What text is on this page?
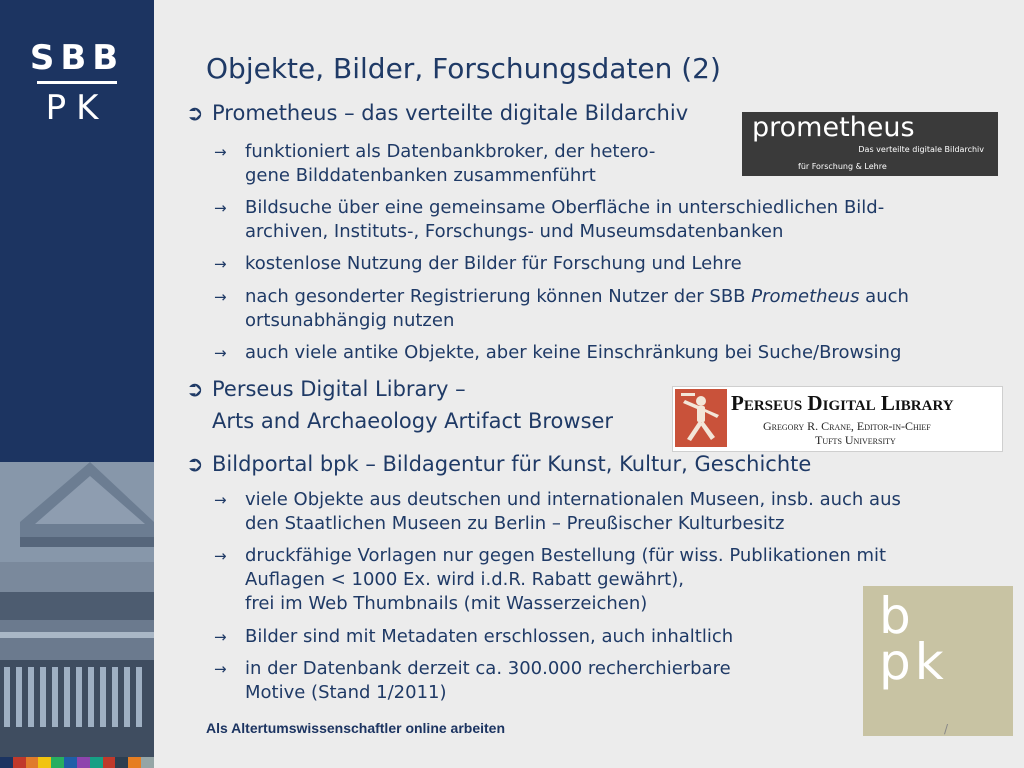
SBB
PK
Objekte, Bilder, Forschungsdaten (2)
➲ Prometheus – das verteilte digitale Bildarchiv
→	funktioniert als Datenbankbroker, der hetero-
gene Bilddatenbanken zusammenführt
→	Bildsuche über eine gemeinsame Oberfläche in unterschiedlichen Bild-
archiven, Instituts-, Forschungs- und Museumsdatenbanken
→	kostenlose Nutzung der Bilder für Forschung und Lehre
→	nach gesonderter Registrierung können Nutzer der SBB Prometheus auch
ortsunabhängig nutzen
→	auch viele antike Objekte, aber keine Einschränkung bei Suche/Browsing
➲ Perseus Digital Library –
Arts and Archaeology Artifact Browser
➲ Bildportal bpk – Bildagentur für Kunst, Kultur, Geschichte
→	viele Objekte aus deutschen und internationalen Museen, insb. auch aus
den Staatlichen Museen zu Berlin – Preußischer Kulturbesitz
→	druckfähige Vorlagen nur gegen Bestellung (für wiss. Publikationen mit
Auflagen < 1000 Ex. wird i.d.R. Rabatt gewährt),
frei im Web Thumbnails (mit Wasserzeichen)
→	Bilder sind mit Metadaten erschlossen, auch inhaltlich
→	in der Datenbank derzeit ca. 300.000 recherchierbare
Motive (Stand 1/2011)
prometheus
Das verteilte digitale Bildarchiv
für Forschung & Lehre
Perseus Digital Library
Gregory R. Crane, Editor-in-Chief
Tufts University
b
pk
Als Altertumswissenschaftler online arbeiten	/
